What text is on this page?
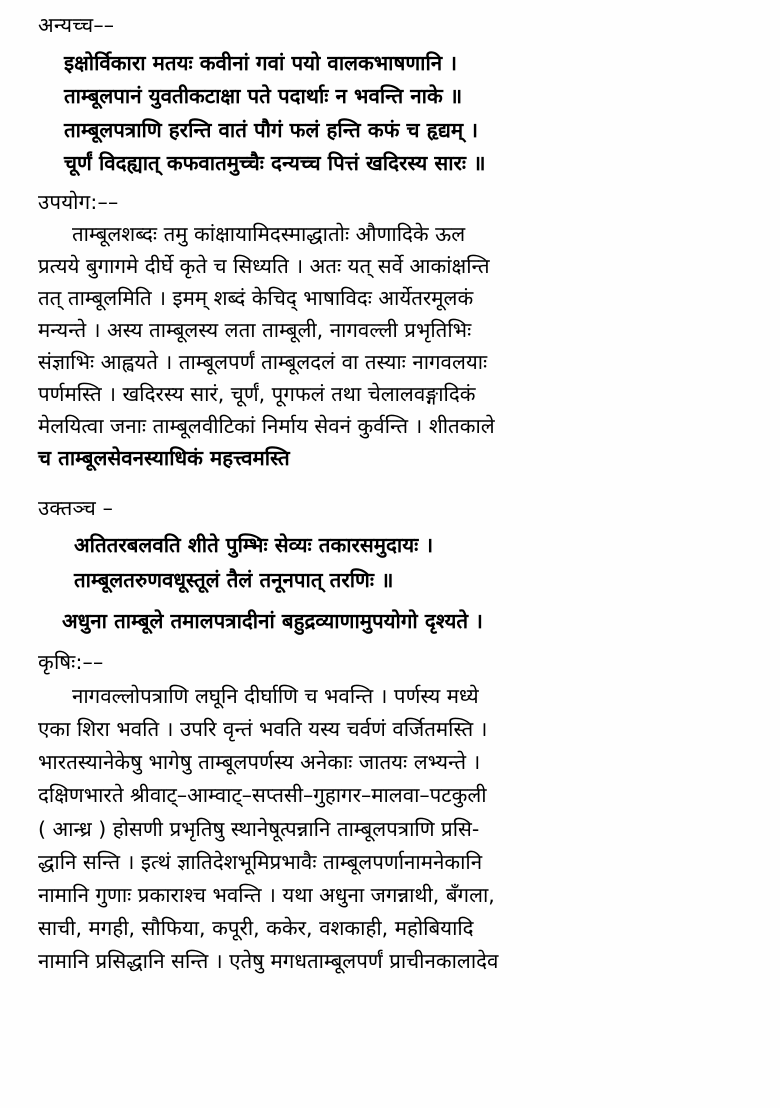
अन्यच्च––

इक्षोर्विकारा मतयः कवीनां गवां पयो वालकभाषणानि ।

ताम्बूलपानं युवतीकटाक्षा पते पदार्थाः न भवन्ति नाके ॥

ताम्बूलपत्राणि हरन्ति वातं पौगं फलं हन्ति कफं च हृद्यम् ।

चूर्णं विदह्यात् कफवातमुच्चैः दन्यच्च पित्तं खदिरस्य सारः ॥

उपयोग:––

ताम्बूलशब्दः तमु कांक्षायामिदस्माद्धातोः औणादिके ऊल

प्रत्यये बुगागमे दीर्घे कृते च सिध्यति । अतः यत् सर्वे आकांक्षन्ति

तत् ताम्बूलमिति । इमम् शब्दं केचिद् भाषाविदः आर्येतरमूलकं

मन्यन्ते । अस्य ताम्बूलस्य लता ताम्बूली, नागवल्ली प्रभृतिभिः

संज्ञाभिः आह्वयते । ताम्बूलपर्णं ताम्बूलदलं वा तस्याः नागवलयाः

पर्णमस्ति । खदिरस्य सारं, चूर्णं, पूगफलं तथा चेलालवङ्गादिकं

मेलयित्वा जनाः ताम्बूलवीटिकां निर्माय सेवनं कुर्वन्ति । शीतकाले

च ताम्बूलसेवनस्याधिकं महत्त्वमस्ति

उक्तञ्च –

अतितरबलवति शीते पुम्भिः सेव्यः तकारसमुदायः ।

ताम्बूलतरुणवधूस्तूलं तैलं तनूनपात् तरणिः ॥

अधुना ताम्बूले तमालपत्रादीनां बहुद्रव्याणामुपयोगो दृश्यते ।
कृषिः:––

नागवल्लोपत्राणि लघूनि दीर्घाणि च भवन्ति । पर्णस्य मध्ये

एका शिरा भवति । उपरि वृन्तं भवति यस्य चर्वणं वर्जितमस्ति ।

भारतस्यानेकेषु भागेषु ताम्बूलपर्णस्य अनेकाः जातयः लभ्यन्ते ।

दक्षिणभारते श्रीवाट्–आम्वाट्–सप्तसी–गुहागर–मालवा–पटकुली

( आन्ध्र ) होसणी प्रभृतिषु स्थानेषूत्पन्नानि ताम्बूलपत्राणि प्रसि-

द्धानि सन्ति । इत्थं ज्ञातिदेशभूमिप्रभावैः ताम्बूलपर्णानामनेकानि

नामानि गुणाः प्रकाराश्च भवन्ति । यथा अधुना जगन्नाथी, बँगला,

साची, मगही, सौफिया, कपूरी, ककेर, वशकाही, महोबियादि

नामानि प्रसिद्धानि सन्ति । एतेषु मगधताम्बूलपर्णं प्राचीनकालादेव
